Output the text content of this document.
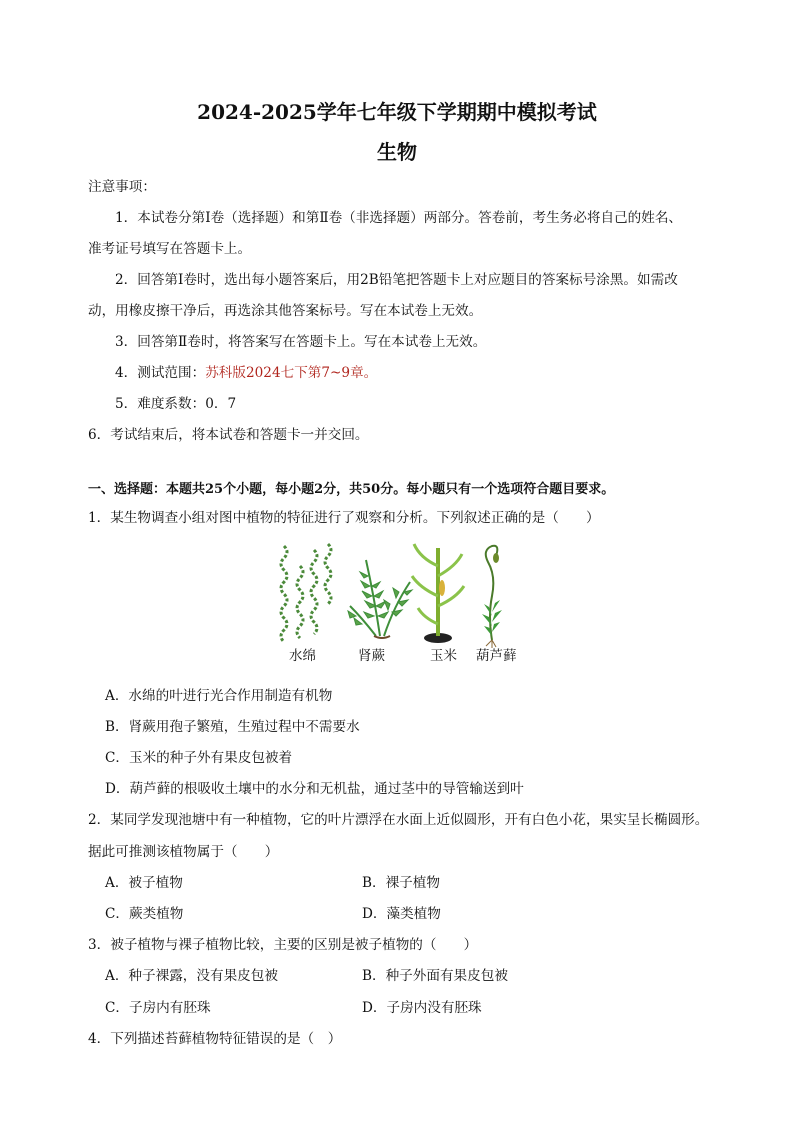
2024-2025学年七年级下学期期中模拟考试
生物
注意事项：
1．本试卷分第Ⅰ卷（选择题）和第Ⅱ卷（非选择题）两部分。答卷前，考生务必将自己的姓名、
准考证号填写在答题卡上。
2．回答第Ⅰ卷时，选出每小题答案后，用2B铅笔把答题卡上对应题目的答案标号涂黑。如需改
动，用橡皮擦干净后，再选涂其他答案标号。写在本试卷上无效。
3．回答第Ⅱ卷时，将答案写在答题卡上。写在本试卷上无效。
4．测试范围：苏科版2024七下第7~9章。
5．难度系数：0．7
6．考试结束后，将本试卷和答题卡一并交回。
一、选择题：本题共25个小题，每小题2分，共50分。每小题只有一个选项符合题目要求。
1．某生物调查小组对图中植物的特征进行了观察和分析。下列叙述正确的是（　　）
水绵	肾蕨	玉米 葫芦藓
A．水绵的叶进行光合作用制造有机物
B．肾蕨用孢子繁殖，生殖过程中不需要水
C．玉米的种子外有果皮包被着
D．葫芦藓的根吸收土壤中的水分和无机盐，通过茎中的导管输送到叶
2．某同学发现池塘中有一种植物，它的叶片漂浮在水面上近似圆形，开有白色小花，果实呈长椭圆形。
据此可推测该植物属于（　　）
A．被子植物	B．裸子植物
C．蕨类植物	D．藻类植物
3．被子植物与裸子植物比较，主要的区别是被子植物的（　　）
A．种子裸露，没有果皮包被	B．种子外面有果皮包被
C．子房内有胚珠	D．子房内没有胚珠
4．下列描述苔藓植物特征错误的是（　）
